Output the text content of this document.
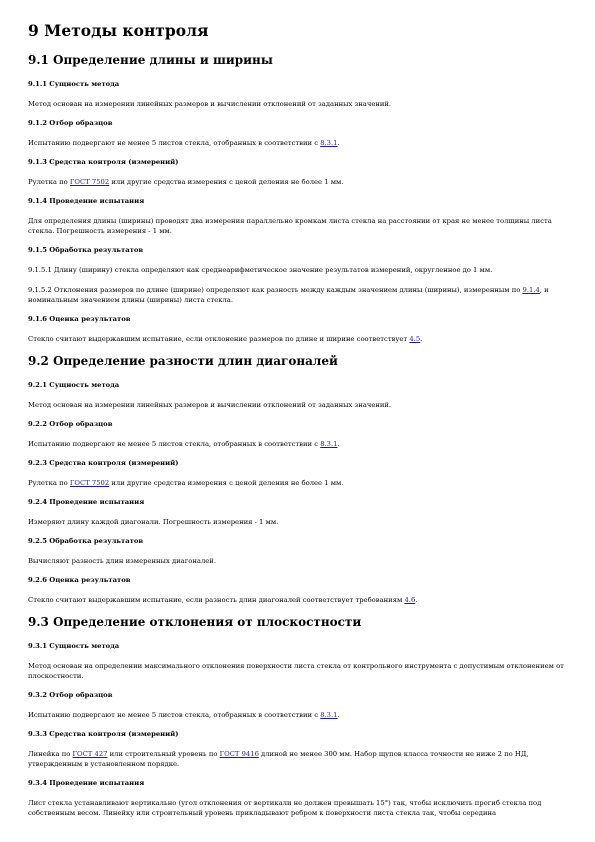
9 Методы контроля
9.1 Определение длины и ширины
9.1.1 Сущность метода

Метод основан на измерении линейных размеров и вычислении отклонений от заданных значений.

9.1.2 Отбор образцов

Испытанию подвергают не менее 5 листов стекла, отобранных в соответствии с 8.3.1.

9.1.3 Средства контроля (измерений)

Рулетка по ГОСТ 7502 или другие средства измерения с ценой деления не более 1 мм.

9.1.4 Проведение испытания

Для определения длины (ширины) проводят два измерения параллельно кромкам листа стекла на расстоянии от края не менее толщины листа стекла. Погрешность измерения - 1 мм.

9.1.5 Обработка результатов

9.1.5.1 Длину (ширину) стекла определяют как среднеарифметическое значение результатов измерений, округленное до 1 мм.

9.1.5.2 Отклонения размеров по длине (ширине) определяют как разность между каждым значением длины (ширины), измеренным по 9.1.4, и номинальным значением длины (ширины) листа стекла.

9.1.6 Оценка результатов

Стекло считают выдержавшим испытание, если отклонение размеров по длине и ширине соответствует 4.5.

9.2 Определение разности длин диагоналей
9.2.1 Сущность метода

Метод основан на измерении линейных размеров и вычислении отклонений от заданных значений.

9.2.2 Отбор образцов

Испытанию подвергают не менее 5 листов стекла, отобранных в соответствии с 8.3.1.

9.2.3 Средства контроля (измерений)

Рулетка по ГОСТ 7502 или другие средства измерения с ценой деления не более 1 мм.

9.2.4 Проведение испытания

Измеряют длину каждой диагонали. Погрешность измерения - 1 мм.

9.2.5 Обработка результатов

Вычисляют разность длин измеренных диагоналей.

9.2.6 Оценка результатов

Стекло считают выдержавшим испытание, если разность длин диагоналей соответствует требованиям 4.6.

9.3 Определение отклонения от плоскостности
9.3.1 Сущность метода

Метод основан на определении максимального отклонения поверхности листа стекла от контрольного инструмента с допустимым отклонением от плоскостности.

9.3.2 Отбор образцов

Испытанию подвергают не менее 5 листов стекла, отобранных в соответствии с 8.3.1.

9.3.3 Средства контроля (измерений)

Линейка по ГОСТ 427 или строительный уровень по ГОСТ 9416 длиной не менее 300 мм. Набор щупов класса точности не ниже 2 по НД, утвержденным в установленном порядке.

9.3.4 Проведение испытания

Лист стекла устанавливают вертикально (угол отклонения от вертикали не должен превышать 15°) так, чтобы исключить прогиб стекла под собственным весом. Линейку или строительный уровень прикладывают ребром к поверхности листа стекла так, чтобы середина
